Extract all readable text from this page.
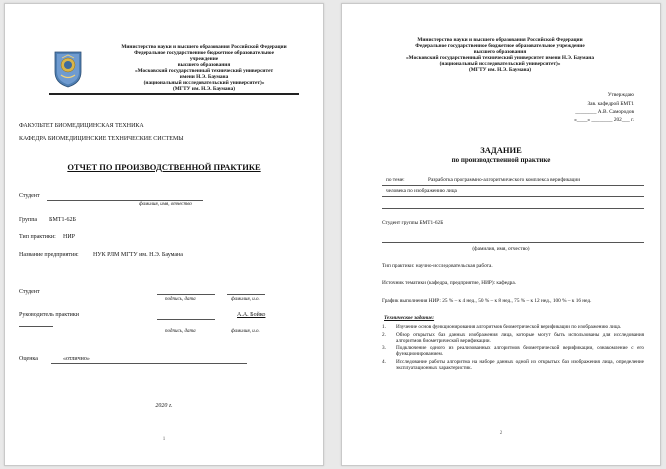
Министерство науки и высшего образования Российской Федерации
Федеральное государственное бюджетное образовательное
учреждение
высшего образования
«Московский государственный технический университет
имени Н.Э. Баумана
(национальный исследовательский университет)»
(МГТУ им. Н.Э. Баумана)
ФАКУЛЬТЕТ БИОМЕДИЦИНСКАЯ ТЕХНИКА
КАФЕДРА БИОМЕДИЦИНСКИЕ ТЕХНИЧЕСКИЕ СИСТЕМЫ
ОТЧЕТ ПО ПРОИЗВОДСТВЕННОЙ ПРАКТИКЕ
Студент
фамилия, имя, отчество
Группа БМТ1-62Б
Тип практики: НИР
Название предприятия: НУК РЛМ МГТУ им. Н.Э. Баумана
Студент
подпись, дата	фамилия, и.о.
Руководитель практики	А.А. Бойко
подпись, дата	фамилия, и.о.
Оценка	«отлично»
2020 г.
1
Министерство науки и высшего образования Российской Федерации
Федеральное государственное бюджетное образовательное учреждение
высшего образования
«Московский государственный технический университет имени Н.Э. Баумана
(национальный исследовательский университет)»
(МГТУ им. Н.Э. Баумана)
Утверждаю
Зав. кафедрой БМТ1
________ А.В. Самородов
«____» ________ 202___ г.
ЗАДАНИЕ
по производственной практике
по теме:	Разработка программно-алгоритмического комплекса верификации
человека по изображению лица
Студент группы БМТ1-62Б
(фамилия, имя, отчество)
Тип практики: научно-исследовательская работа.
Источник тематики (кафедра, предприятие, НИР): кафедра.
График выполнения НИР: 25 % – к 4 нед., 50 % – к 8 нед., 75 % – к 12 нед., 100 % – к 16 нед.
Техническое задание:
1. Изучение основ функционирования алгоритмов биометрической верификации по изображению лица.
2. Обзор открытых баз данных изображения лица, которые могут быть использованы для исследования алгоритмов биометрической верификации.
3. Подключение одного из реализованных алгоритмов биометрической верификации, ознакомление с его функционированием.
4. Исследование работы алгоритма на наборе данных одной из открытых баз изображения лица, определение эксплуатационных характеристик.
2
